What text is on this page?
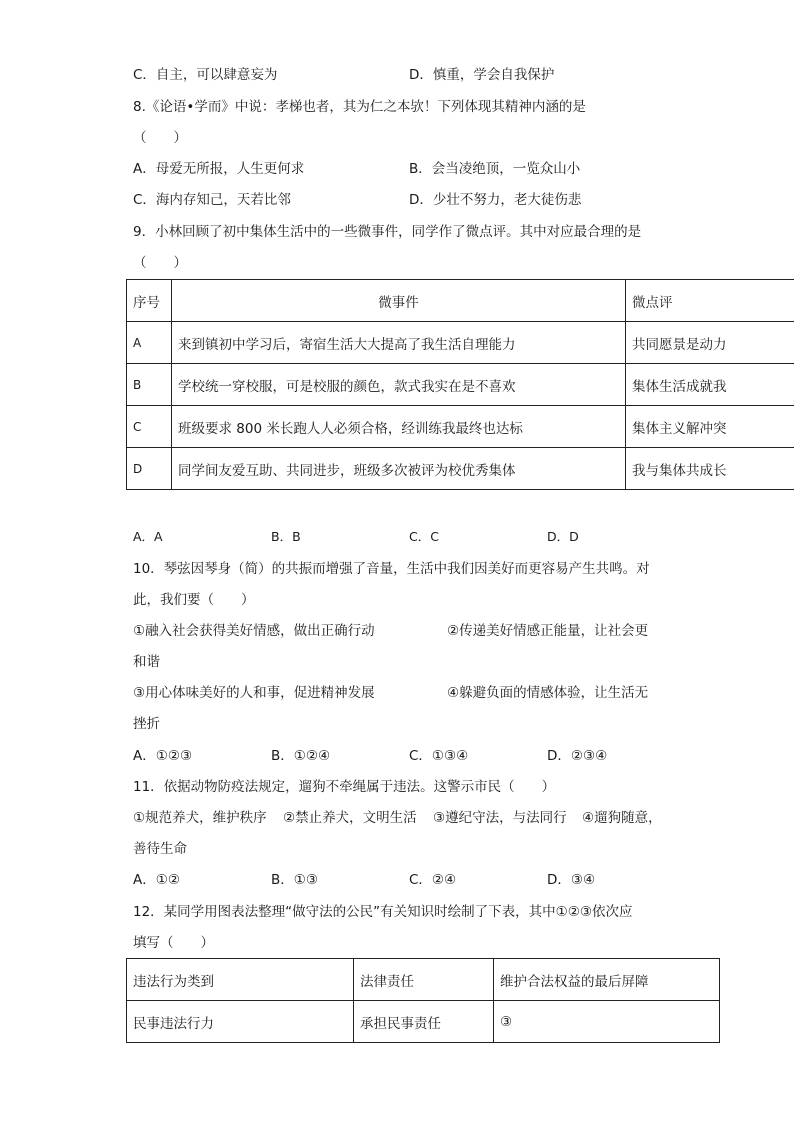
C．自主，可以肆意妄为	D．慎重，学会自我保护
8.《论语•学而》中说：孝梯也者，其为仁之本欤！下列体现其精神内涵的是
（　　）
A．母爱无所报，人生更何求	B．会当凌绝顶，一览众山小
C．海内存知己，天若比邻	D．少壮不努力，老大徒伤悲
9．小林回顾了初中集体生活中的一些微事件，同学作了微点评。其中对应最合理的是
（　　）
序号	微事件	微点评
A	来到镇初中学习后，寄宿生活大大提高了我生活自理能力	共同愿景是动力
B	学校统一穿校服，可是校服的颜色，款式我实在是不喜欢	集体生活成就我
C	班级要求 800 米长跑人人必须合格，经训练我最终也达标	集体主义解冲突
D	同学间友爱互助、共同进步，班级多次被评为校优秀集体	我与集体共成长
A．A	B．B	C．C	D．D
10．琴弦因琴身（简）的共振而增强了音量，生活中我们因美好而更容易产生共鸣。对
此，我们要（　　）
①融入社会获得美好情感，做出正确行动	②传递美好情感正能量，让社会更
和谐
③用心体味美好的人和事，促进精神发展	④躲避负面的情感体验，让生活无
挫折
A．①②③	B．①②④	C．①③④	D．②③④
11．依据动物防疫法规定，遛狗不牵绳属于违法。这警示市民（　　）
①规范养犬，维护秩序 ②禁止养犬，文明生活 ③遵纪守法，与法同行 ④遛狗随意，
善待生命
A．①②	B．①③	C．②④	D．③④
12．某同学用图表法整理“做守法的公民”有关知识时绘制了下表，其中①②③依次应
填写（　　）
违法行为类到	法律责任	维护合法权益的最后屏障
民事违法行力	承担民事责任	③
